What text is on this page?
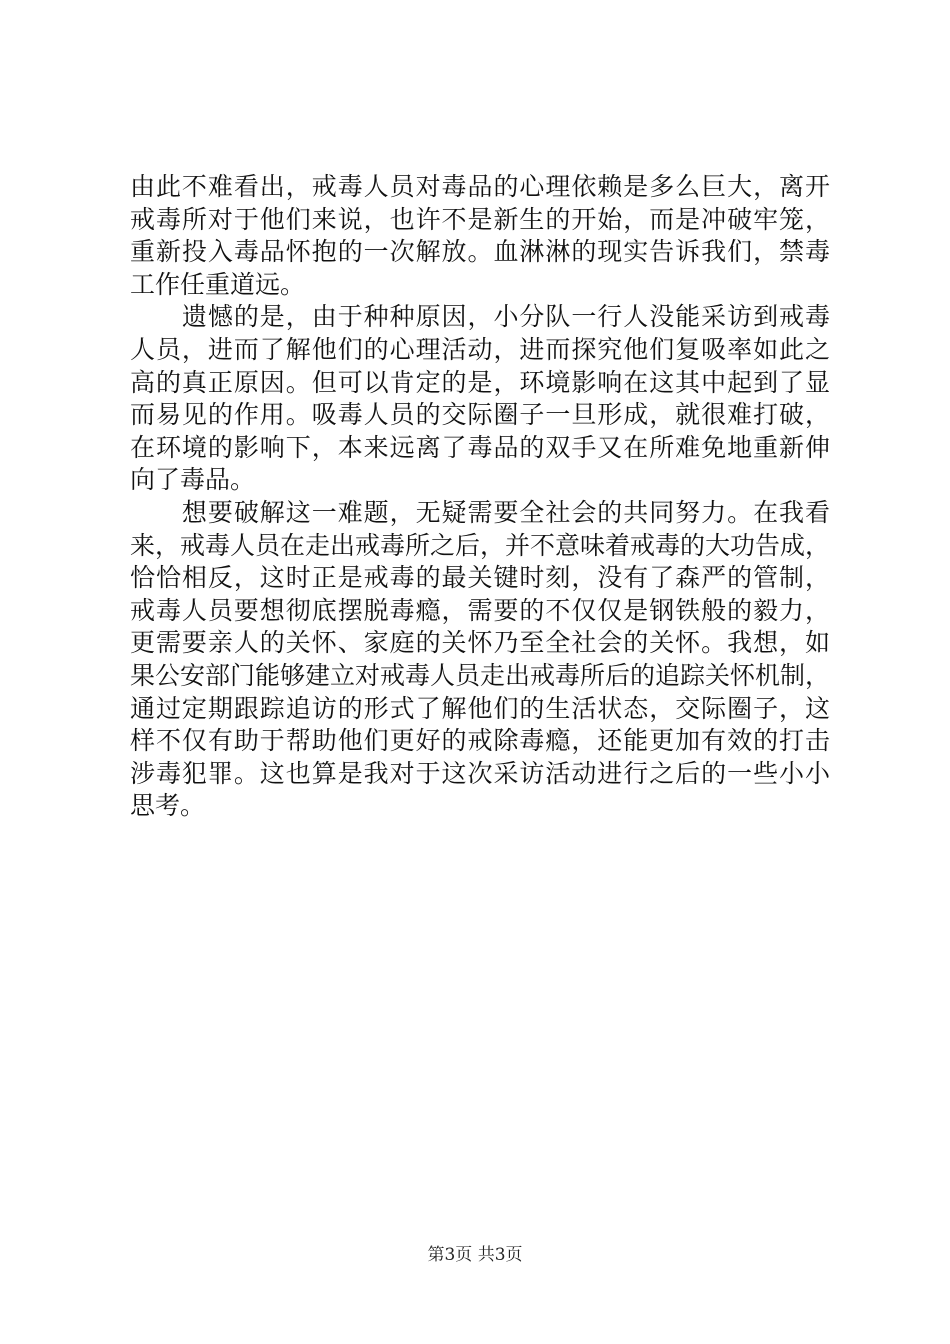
由此不难看出，戒毒人员对毒品的心理依赖是多么巨大，离开
戒毒所对于他们来说，也许不是新生的开始，而是冲破牢笼，
重新投入毒品怀抱的一次解放。血淋淋的现实告诉我们，禁毒
工作任重道远。
　　遗憾的是，由于种种原因，小分队一行人没能采访到戒毒
人员，进而了解他们的心理活动，进而探究他们复吸率如此之
高的真正原因。但可以肯定的是，环境影响在这其中起到了显
而易见的作用。吸毒人员的交际圈子一旦形成，就很难打破，
在环境的影响下，本来远离了毒品的双手又在所难免地重新伸
向了毒品。
　　想要破解这一难题，无疑需要全社会的共同努力。在我看
来，戒毒人员在走出戒毒所之后，并不意味着戒毒的大功告成，
恰恰相反，这时正是戒毒的最关键时刻，没有了森严的管制，
戒毒人员要想彻底摆脱毒瘾，需要的不仅仅是钢铁般的毅力，
更需要亲人的关怀、家庭的关怀乃至全社会的关怀。我想，如
果公安部门能够建立对戒毒人员走出戒毒所后的追踪关怀机制，
通过定期跟踪追访的形式了解他们的生活状态，交际圈子，这
样不仅有助于帮助他们更好的戒除毒瘾，还能更加有效的打击
涉毒犯罪。这也算是我对于这次采访活动进行之后的一些小小
思考。
第3页 共3页
